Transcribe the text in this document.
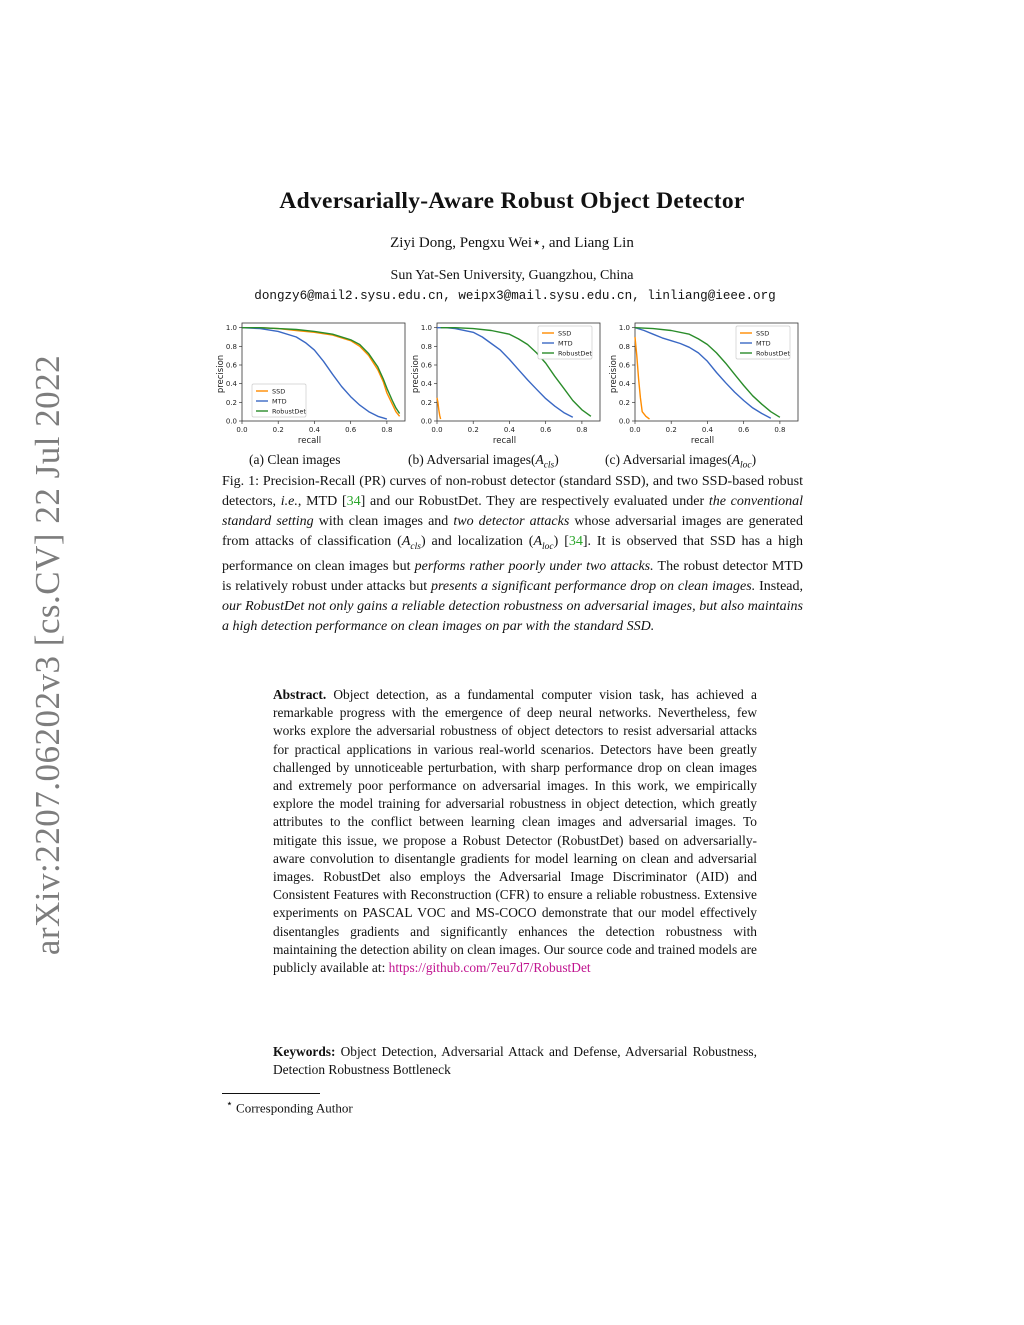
arXiv:2207.06202v3 [cs.CV] 22 Jul 2022
Adversarially-Aware Robust Object Detector
Ziyi Dong, Pengxu Wei⋆, and Liang Lin
Sun Yat-Sen University, Guangzhou, China
dongzy6@mail2.sysu.edu.cn, weipx3@mail.sysu.edu.cn, linliang@ieee.org
0.0	0.2	0.4	0.6	0.8
0.0
0.2
0.4
0.6
0.8
1.0
recall
precision	SSD
MTD
RobustDet
0.0	0.2	0.4	0.6	0.8
0.0
0.2
0.4
0.6
0.8
1.0
recall
precision
SSD
MTD
RobustDet
0.0	0.2	0.4	0.6	0.8
0.0
0.2
0.4
0.6
0.8
1.0
recall
precision
SSD
MTD
RobustDet
(a) Clean images	(b) Adversarial $images(A_{cls})$	(c) Adversarial $images(A_{loc})$
Fig. 1: Precision-Recall (PR) curves of non-robust detector (standard SSD), and two SSD-based robust detectors, i.e., MTD [34] and our RobustDet. They are respectively evaluated under the conventional standard setting with clean images and two detector attacks whose adversarial images are generated from attacks of classification $(A_{cls})$ and localization $(A_{loc})$ [34]. It is observed that SSD has a high performance on clean images but performs rather poorly under two attacks. The robust detector MTD is relatively robust under attacks but presents a significant performance drop on clean images. Instead, our RobustDet not only gains a reliable detection robustness on adversarial images, but also maintains a high detection performance on clean images on par with the standard SSD.
Abstract. Object detection, as a fundamental computer vision task, has achieved a remarkable progress with the emergence of deep neural networks. Nevertheless, few works explore the adversarial robustness of object detectors to resist adversarial attacks for practical applications in various real-world scenarios. Detectors have been greatly challenged by unnoticeable perturbation, with sharp performance drop on clean images and extremely poor performance on adversarial images. In this work, we empirically explore the model training for adversarial robustness in object detection, which greatly attributes to the conflict between learning clean images and adversarial images. To mitigate this issue, we propose a Robust Detector (RobustDet) based on adversarially-aware convolution to disentangle gradients for model learning on clean and adversarial images. RobustDet also employs the Adversarial Image Discriminator (AID) and Consistent Features with Reconstruction (CFR) to ensure a reliable robustness. Extensive experiments on PASCAL VOC and MS-COCO demonstrate that our model effectively disentangles gradients and significantly enhances the detection robustness with maintaining the detection ability on clean images. Our source code and trained models are publicly available at: https://github.com/7eu7d7/RobustDet
Keywords: Object Detection, Adversarial Attack and Defense, Adversarial Robustness, Detection Robustness Bottleneck
⋆ Corresponding Author
